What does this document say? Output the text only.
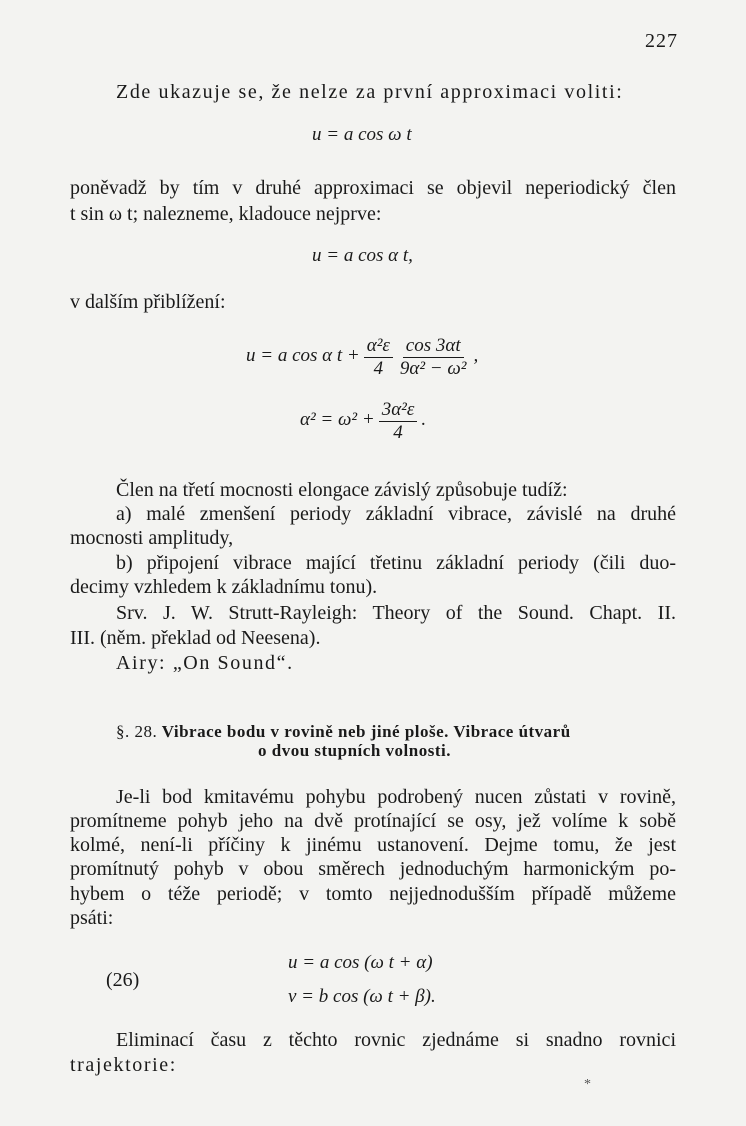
227
Zde ukazuje se, že nelze za první approximaci voliti:
u = a cos ω t
poněvadž by tím v druhé approximaci se objevil neperiodický člen
t sin ω t; nalezneme, kladouce nejprve:
u = a cos α t,
v dalším přiblížení:
u = a cos α $t + \frac{\text{α²ε}}{4}$
$\frac{\cos 3\alpha t}{\text{9α² − ω²}}$ ,
$\alpha^2 = \omega^2 + \frac{\text{3α²ε}}{4}$ .
Člen na třetí mocnosti elongace závislý způsobuje tudíž:
a) malé zmenšení periody základní vibrace, závislé na druhé
mocnosti amplitudy,
b) připojení vibrace mající třetinu základní periody (čili duo-
decimy vzhledem k základnímu tonu).
Srv. J. W. Strutt-Rayleigh: Theory of the Sound. Chapt. II.
III. (něm. překlad od Neesena).
Airy: „On Sound“.
§. 28. Vibrace bodu v rovině neb jiné ploše. Vibrace útvarů
o dvou stupních volnosti.
Je-li bod kmitavému pohybu podrobený nucen zůstati v rovině,
promítneme pohyb jeho na dvě protínající se osy, jež volíme k sobě
kolmé, není-li příčiny k jinému ustanovení. Dejme tomu, že jest
promítnutý pohyb v obou směrech jednoduchým harmonickým po-
hybem o téže periodě; v tomto nejjednodušším případě můžeme
psáti:
(26)
u = a cos (ω t + α)
v = b cos (ω t + β).
Eliminací času z těchto rovnic zjednáme si snadno rovnici
trajektorie:
*
